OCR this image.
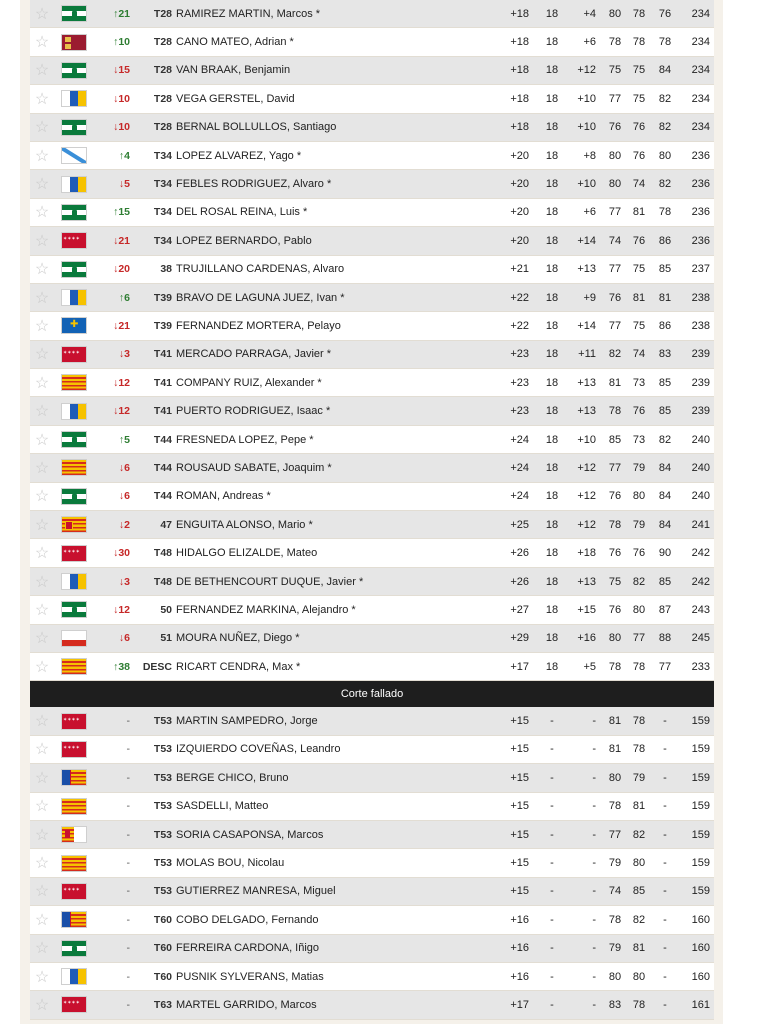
☆	↑ 21	T28 RAMIREZ MARTIN, Marcos *	+18	18	+4	80	78	76	234
☆	↑ 10	T28 CANO MATEO, Adrian *	+18	18	+6	78	78	78	234
☆	↓ 15	T28 VAN BRAAK, Benjamin	+18	18	+12	75	75	84	234
☆	↓ 10	T28 VEGA GERSTEL, David	+18	18	+10	77	75	82	234
☆	↓ 10	T28 BERNAL BOLLULLOS, Santiago	+18	18	+10	76	76	82	234
☆	↑ 4	T34 LOPEZ ALVAREZ, Yago *	+20	18	+8	80	76	80	236
☆	↓ 5	T34 FEBLES RODRIGUEZ, Alvaro *	+20	18	+10	80	74	82	236
☆	↑ 15	T34 DEL ROSAL REINA, Luis *	+20	18	+6	77	81	78	236
☆ ✶✶✶✶	↓ 21	T34 LOPEZ BERNARDO, Pablo	+20	18	+14	74	76	86	236
☆	↓ 20	38 TRUJILLANO CARDENAS, Alvaro	+21	18	+13	77	75	85	237
☆	↑ 6	T39 BRAVO DE LAGUNA JUEZ, Ivan *	+22	18	+9	76	81	81	238
☆ ✚	↓ 21	T39 FERNANDEZ MORTERA, Pelayo	+22	18	+14	77	75	86	238
☆ ✶✶✶✶	↓ 3	T41 MERCADO PARRAGA, Javier *	+23	18	+11	82	74	83	239
☆	↓ 12	T41 COMPANY RUIZ, Alexander *	+23	18	+13	81	73	85	239
☆	↓ 12	T41 PUERTO RODRIGUEZ, Isaac *	+23	18	+13	78	76	85	239
☆	↑ 5	T44 FRESNEDA LOPEZ, Pepe *	+24	18	+10	85	73	82	240
☆	↓ 6	T44 ROUSAUD SABATE, Joaquim *	+24	18	+12	77	79	84	240
☆	↓ 6	T44 ROMAN, Andreas *	+24	18	+12	76	80	84	240
☆	↓ 2	47 ENGUITA ALONSO, Mario *	+25	18	+12	78	79	84	241
☆ ✶✶✶✶	↓ 30	T48 HIDALGO ELIZALDE, Mateo	+26	18	+18	76	76	90	242
☆	↓ 3	T48 DE BETHENCOURT DUQUE, Javier *	+26	18	+13	75	82	85	242
☆	↓ 12	50 FERNANDEZ MARKINA, Alejandro *	+27	18	+15	76	80	87	243
☆	↓ 6	51 MOURA NUÑEZ, Diego *	+29	18	+16	80	77	88	245
☆	↑ 38	DESC RICART CENDRA, Max *	+17	18	+5	78	78	77	233
Corte fallado
☆ ✶✶✶✶	-	T53 MARTIN SAMPEDRO, Jorge	+15	-	-	81	78	-	159
☆ ✶✶✶✶	-	T53 IZQUIERDO COVEÑAS, Leandro	+15	-	-	81	78	-	159
☆	-	T53 BERGE CHICO, Bruno	+15	-	-	80	79	-	159
☆	-	T53 SASDELLI, Matteo	+15	-	-	78	81	-	159
☆	-	T53 SORIA CASAPONSA, Marcos	+15	-	-	77	82	-	159
☆	-	T53 MOLAS BOU, Nicolau	+15	-	-	79	80	-	159
☆ ✶✶✶✶	-	T53 GUTIERREZ MANRESA, Miguel	+15	-	-	74	85	-	159
☆	-	T60 COBO DELGADO, Fernando	+16	-	-	78	82	-	160
☆	-	T60 FERREIRA CARDONA, Iñigo	+16	-	-	79	81	-	160
☆	-	T60 PUSNIK SYLVERANS, Matias	+16	-	-	80	80	-	160
☆ ✶✶✶✶	-	T63 MARTEL GARRIDO, Marcos	+17	-	-	83	78	-	161
